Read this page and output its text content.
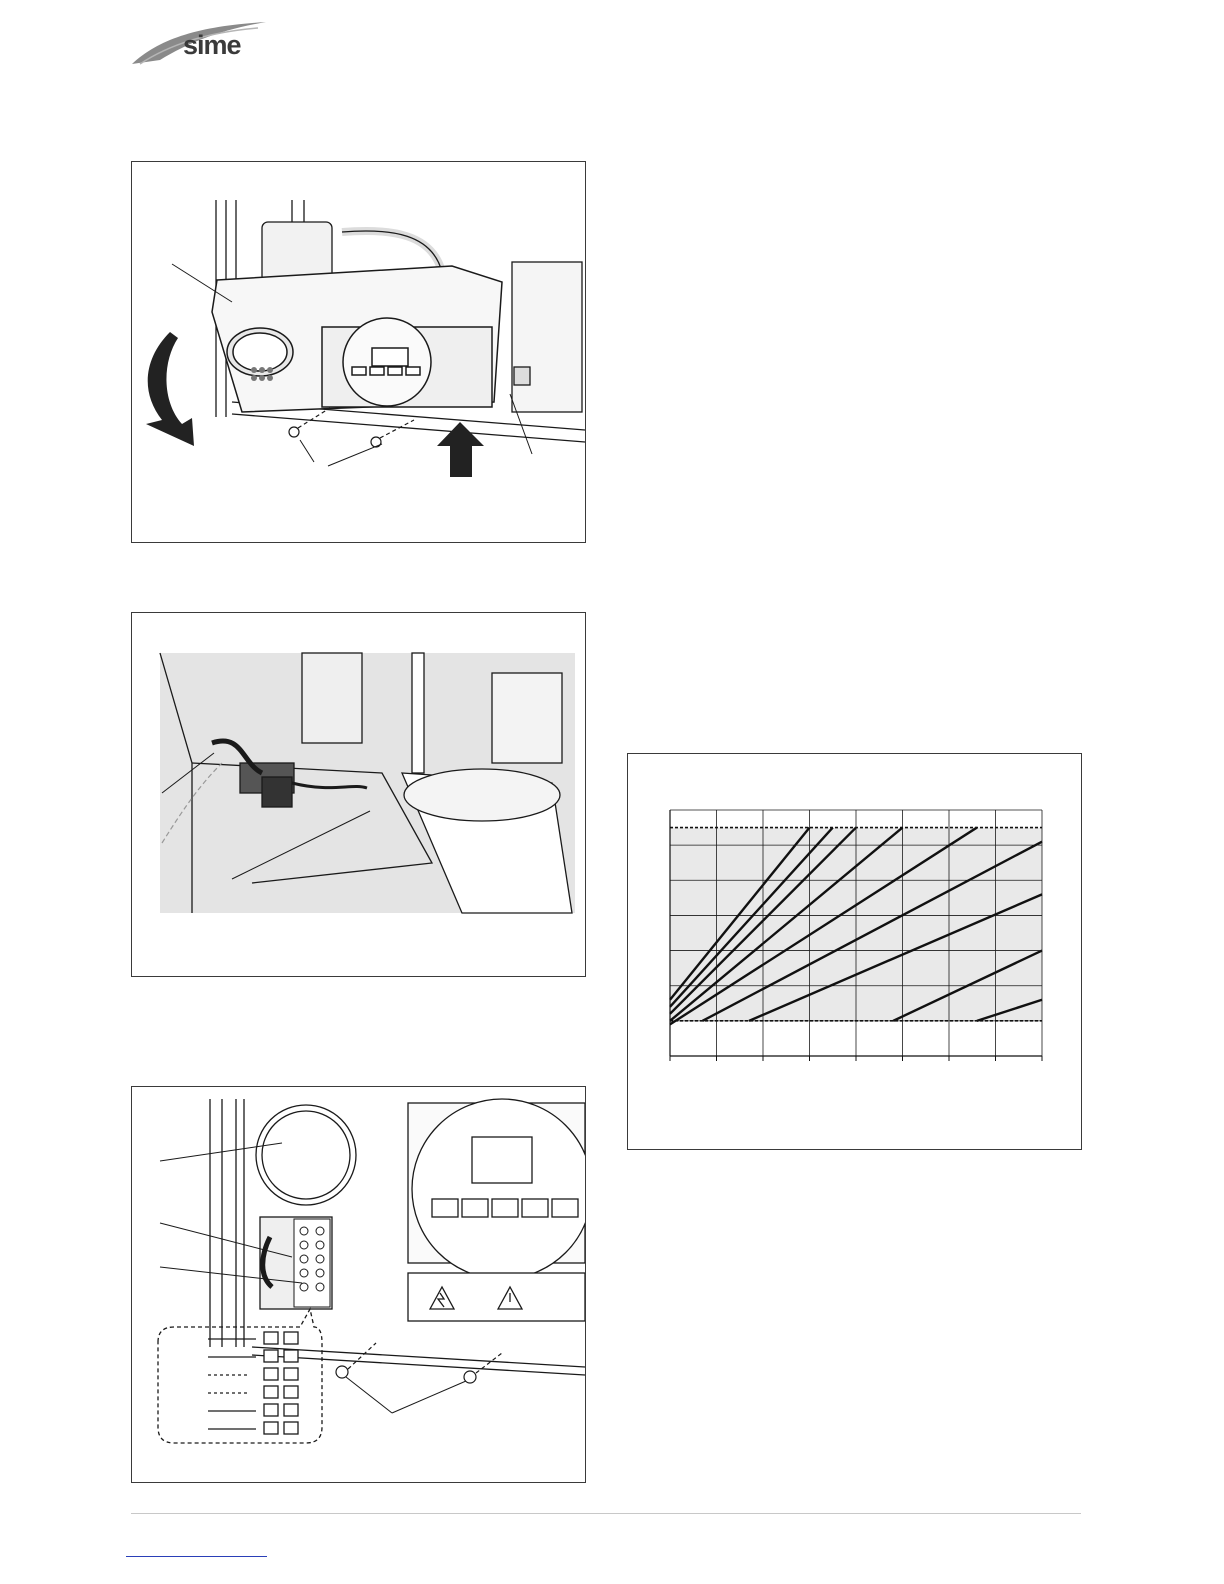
sime
